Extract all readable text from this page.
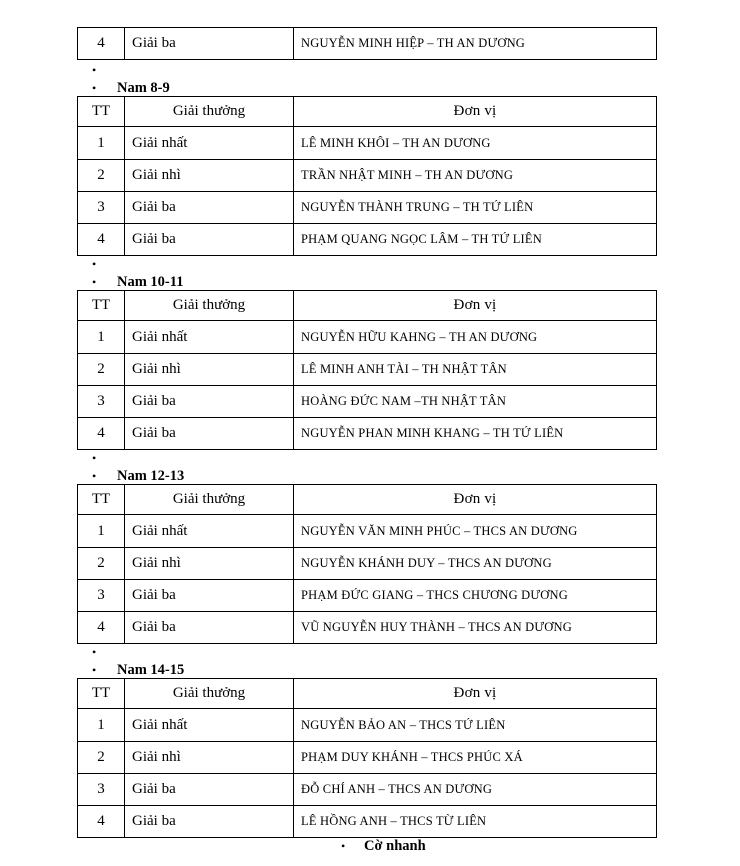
4	Giải ba	NGUYỄN MINH HIỆP – TH AN DƯƠNG
•
• Nam 8-9
TT	Giải thưởng	Đơn vị
1	Giải nhất	LÊ MINH KHÔI – TH AN DƯƠNG
2	Giải nhì	TRẦN NHẬT MINH – TH AN DƯƠNG
3	Giải ba	NGUYỄN THÀNH TRUNG – TH TỨ LIÊN
4	Giải ba	PHẠM QUANG NGỌC LÂM – TH TỨ LIÊN
•
• Nam 10-11
TT	Giải thưởng	Đơn vị
1	Giải nhất	NGUYỄN HỮU KAHNG – TH AN DƯƠNG
2	Giải nhì	LÊ MINH ANH TÀI – TH NHẬT TÂN
3	Giải ba	HOÀNG ĐỨC NAM –TH NHẬT TÂN
4	Giải ba	NGUYỄN PHAN MINH KHANG – TH TỨ LIÊN
•
• Nam 12-13
TT	Giải thưởng	Đơn vị
1	Giải nhất	NGUYỄN VĂN MINH PHÚC – THCS AN DƯƠNG
2	Giải nhì	NGUYỄN KHÁNH DUY – THCS AN DƯƠNG
3	Giải ba	PHẠM ĐỨC GIANG – THCS CHƯƠNG DƯƠNG
4	Giải ba	VŨ NGUYỄN HUY THÀNH – THCS AN DƯƠNG
•
• Nam 14-15
TT	Giải thưởng	Đơn vị
1	Giải nhất	NGUYỄN BẢO AN – THCS TỨ LIÊN
2	Giải nhì	PHẠM DUY KHÁNH – THCS PHÚC XÁ
3	Giải ba	ĐỖ CHÍ ANH – THCS AN DƯƠNG
4	Giải ba	LÊ HỒNG ANH – THCS TỪ LIÊN
• Cờ nhanh
